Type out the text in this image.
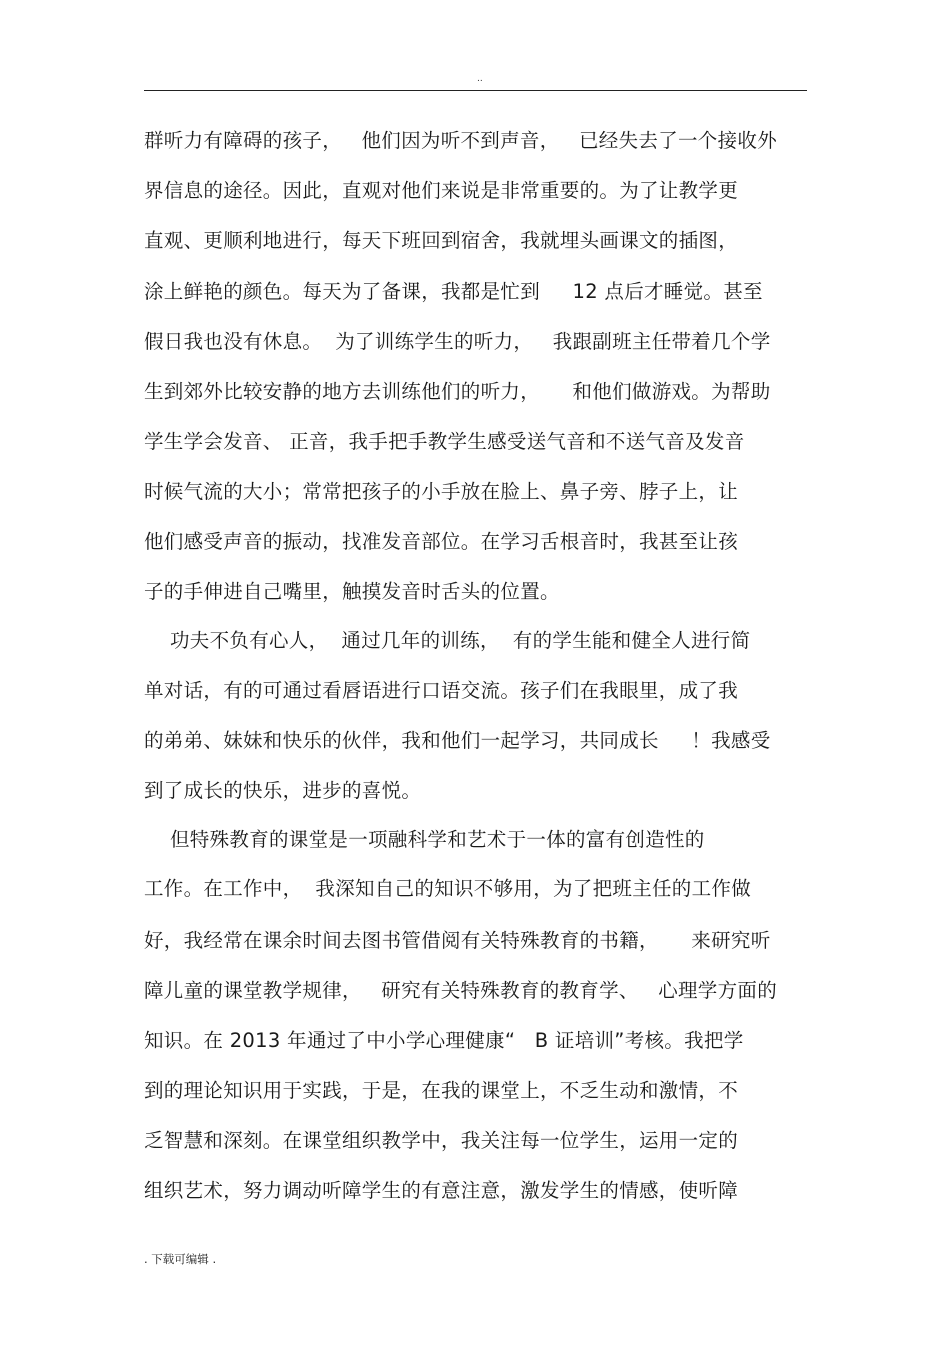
..
群听力有障碍的孩子，   他们因为听不到声音，   已经失去了一个接收外
界信息的途径。因此，直观对他们来说是非常重要的。为了让教学更
直观、更顺利地进行，每天下班回到宿舍，我就埋头画课文的插图，
涂上鲜艳的颜色。每天为了备课，我都是忙到     12 点后才睡觉。甚至
假日我也没有休息。  为了训练学生的听力，   我跟副班主任带着几个学
生到郊外比较安静的地方去训练他们的听力，     和他们做游戏。为帮助
学生学会发音、 正音，我手把手教学生感受送气音和不送气音及发音
时候气流的大小；常常把孩子的小手放在脸上、鼻子旁、脖子上，让
他们感受声音的振动，找准发音部位。在学习舌根音时，我甚至让孩
子的手伸进自己嘴里，触摸发音时舌头的位置。
功夫不负有心人，  通过几年的训练，  有的学生能和健全人进行简
单对话，有的可通过看唇语进行口语交流。孩子们在我眼里，成了我
的弟弟、妹妹和快乐的伙伴，我和他们一起学习，共同成长     ！我感受
到了成长的快乐，进步的喜悦。
但特殊教育的课堂是一项融科学和艺术于一体的富有创造性的
工作。在工作中，  我深知自己的知识不够用，为了把班主任的工作做
好，我经常在课余时间去图书管借阅有关特殊教育的书籍，     来研究听
障儿童的课堂教学规律，   研究有关特殊教育的教育学、   心理学方面的
知识。在 2013 年通过了中小学心理健康“   B 证培训”考核。我把学
到的理论知识用于实践，于是，在我的课堂上，不乏生动和激情，不
乏智慧和深刻。在课堂组织教学中，我关注每一位学生，运用一定的
组织艺术，努力调动听障学生的有意注意，激发学生的情感，使听障
. 下载可编辑 .
